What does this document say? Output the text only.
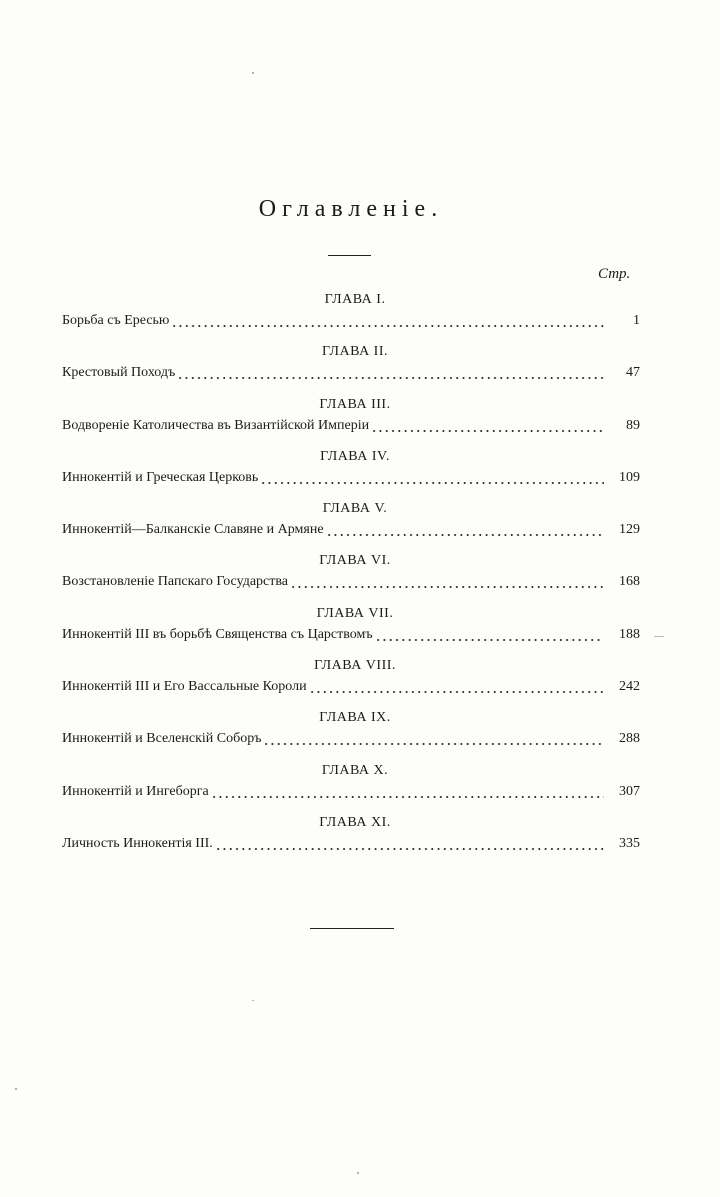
Оглавленіе.
Стр.
ГЛАВА I.
Борьба съ Ересью	1
ГЛАВА II.
Крестовый Походъ	47
ГЛАВА III.
Водвореніе Католичества въ Византійской Имперіи	89
ГЛАВА IV.
Иннокентій и Греческая Церковь	109
ГЛАВА V.
Иннокентій—Балканскіе Славяне и Армяне	129
ГЛАВА VI.
Возстановленіе Папскаго Государства	168
ГЛАВА VII.
Иннокентій III въ борьбѣ Священства съ Царствомъ	188
ГЛАВА VIII.
Иннокентій III и Его Вассальные Короли	242
ГЛАВА IX.
Иннокентій и Вселенскій Соборъ	288
ГЛАВА X.
Иннокентій и Ингеборга	307
ГЛАВА XI.
Личность Иннокентія III.	335
